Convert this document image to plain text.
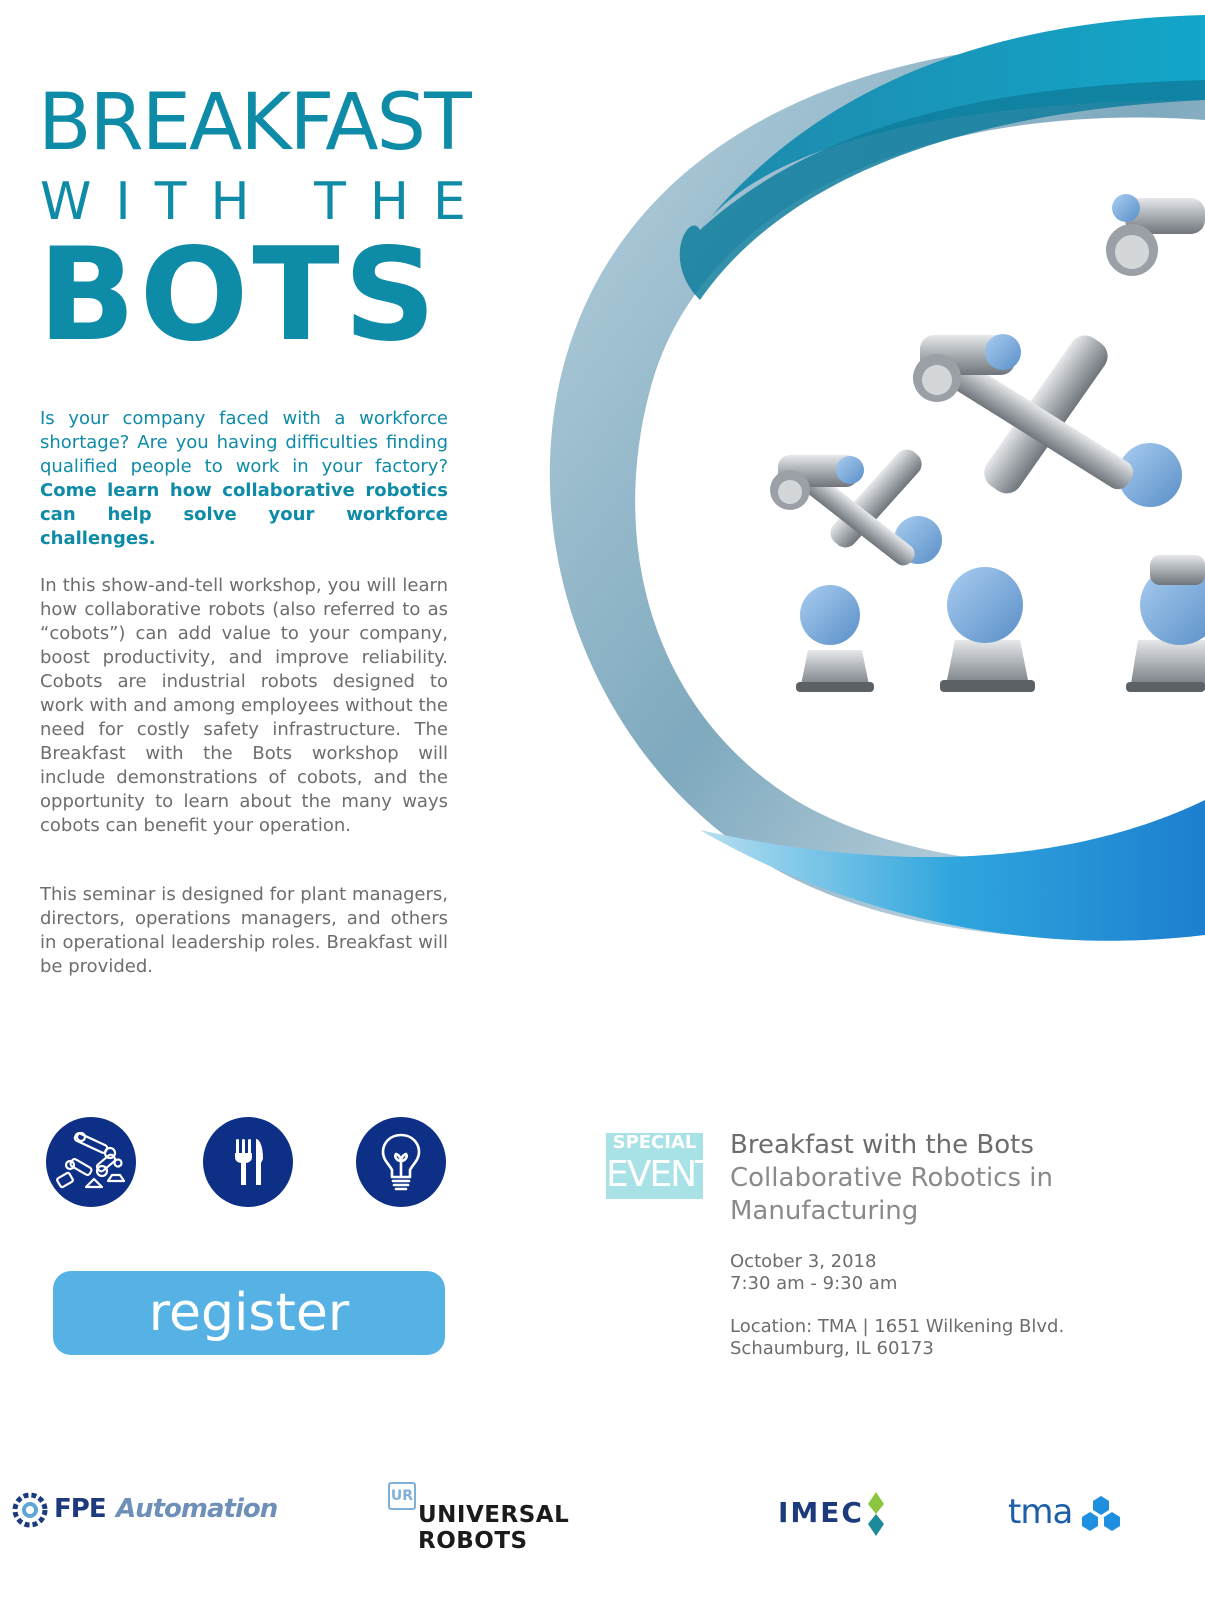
BREAKFAST
WITH THE
BOTS

Is your company faced with a workforce shortage? Are you having difficulties finding qualified people to work in your factory? Come learn how collaborative robotics can help solve your workforce challenges.

In this show-and-tell workshop, you will learn how collaborative robots (also referred to as “cobots”) can add value to your company, boost productivity, and improve reliability. Cobots are industrial robots designed to work with and among employees without the need for costly safety infrastructure. The Breakfast with the Bots workshop will include demonstrations of cobots, and the opportunity to learn about the many ways cobots can benefit your operation.

This seminar is designed for plant managers, directors, operations managers, and others in operational leadership roles. Breakfast will be provided.

register
SPECIAL
EVENT
Breakfast with the Bots

Collaborative Robotics in Manufacturing

October 3, 2018

7:30 am - 9:30 am

Location: TMA | 1651 Wilkening Blvd.

Schaumburg, IL 60173

FPE Automation	UR
UNIVERSAL ROBOTS
IMEC	tma
